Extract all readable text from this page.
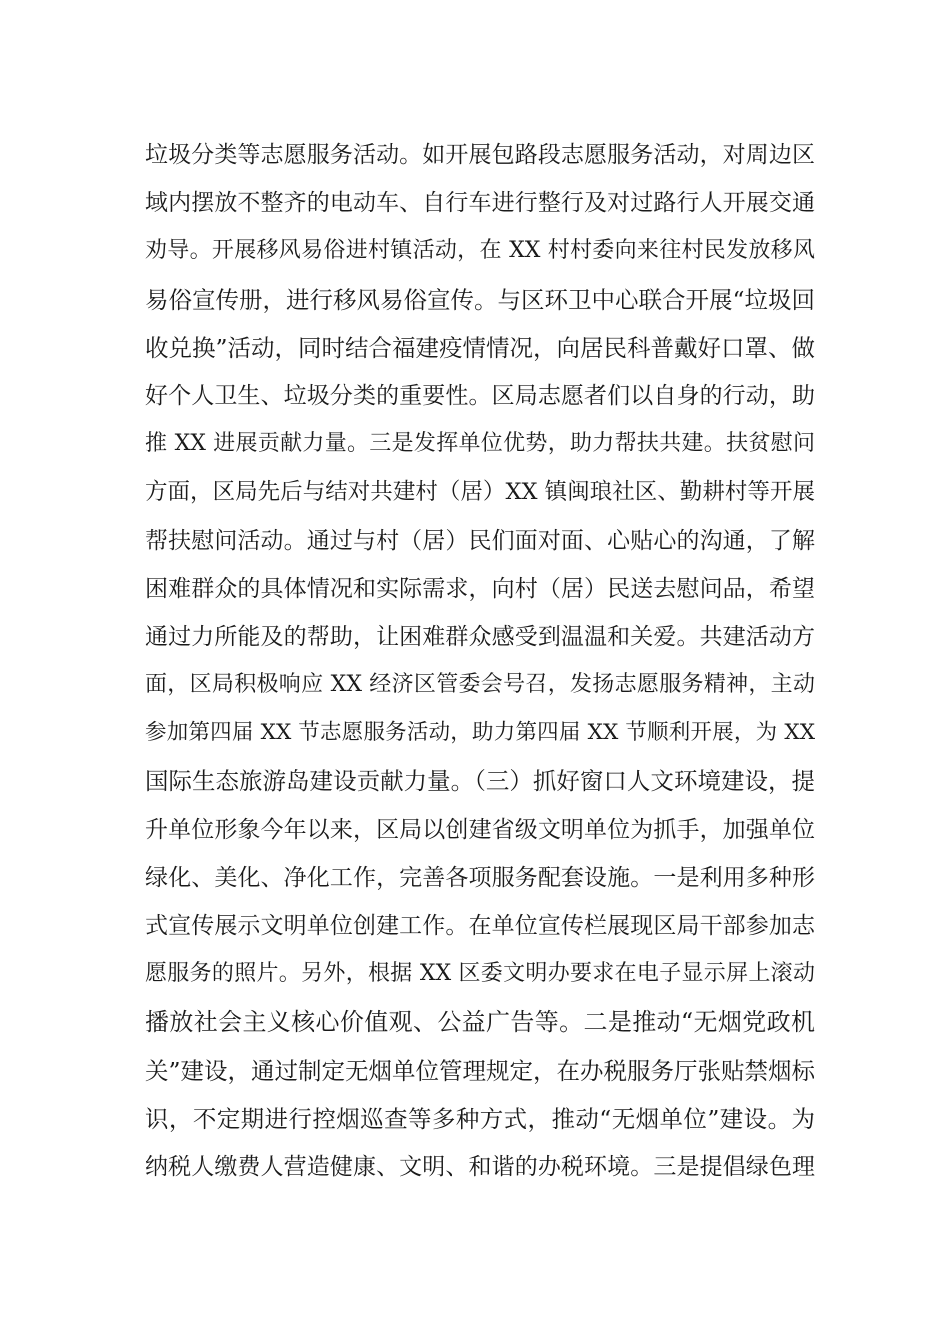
垃圾分类等志愿服务活动。如开展包路段志愿服务活动，对周边区
域内摆放不整齐的电动车、自行车进行整行及对过路行人开展交通
劝导。开展移风易俗进村镇活动，在 XX 村村委向来往村民发放移风
易俗宣传册，进行移风易俗宣传。与区环卫中心联合开展“垃圾回
收兑换”活动，同时结合福建疫情情况，向居民科普戴好口罩、做
好个人卫生、垃圾分类的重要性。区局志愿者们以自身的行动，助
推 XX 进展贡献力量。三是发挥单位优势，助力帮扶共建。扶贫慰问
方面，区局先后与结对共建村（居）XX 镇闽琅社区、勤耕村等开展
帮扶慰问活动。通过与村（居）民们面对面、心贴心的沟通，了解
困难群众的具体情况和实际需求，向村（居）民送去慰问品，希望
通过力所能及的帮助，让困难群众感受到温温和关爱。共建活动方
面，区局积极响应 XX 经济区管委会号召，发扬志愿服务精神，主动
参加第四届 XX 节志愿服务活动，助力第四届 XX 节顺利开展，为 XX
国际生态旅游岛建设贡献力量。（三）抓好窗口人文环境建设，提
升单位形象今年以来，区局以创建省级文明单位为抓手，加强单位
绿化、美化、净化工作，完善各项服务配套设施。一是利用多种形
式宣传展示文明单位创建工作。在单位宣传栏展现区局干部参加志
愿服务的照片。另外，根据 XX 区委文明办要求在电子显示屏上滚动
播放社会主义核心价值观、公益广告等。二是推动“无烟党政机
关”建设，通过制定无烟单位管理规定，在办税服务厅张贴禁烟标
识，不定期进行控烟巡查等多种方式，推动“无烟单位”建设。为
纳税人缴费人营造健康、文明、和谐的办税环境。三是提倡绿色理
